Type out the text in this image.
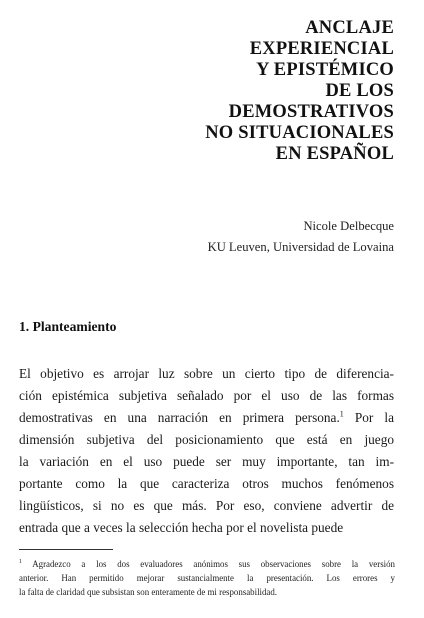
ANCLAJE
EXPERIENCIAL
Y EPISTÉMICO
DE LOS
DEMOSTRATIVOS
NO SITUACIONALES
EN ESPAÑOL
Nicole Delbecque
KU Leuven, Universidad de Lovaina
1. Planteamiento
El objetivo es arrojar luz sobre un cierto tipo de diferencia-
ción epistémica subjetiva señalado por el uso de las formas
demostrativas en una narración en primera persona.$^1$ Por la
dimensión subjetiva del posicionamiento que está en juego
la variación en el uso puede ser muy importante, tan im-
portante como la que caracteriza otros muchos fenómenos
lingüísticos, si no es que más. Por eso, conviene advertir de
entrada que a veces la selección hecha por el novelista puede
$^1$ Agradezco a los dos evaluadores anónimos sus observaciones sobre la versión
anterior. Han permitido mejorar sustancialmente la presentación. Los errores y
la falta de claridad que subsistan son enteramente de mi responsabilidad.
